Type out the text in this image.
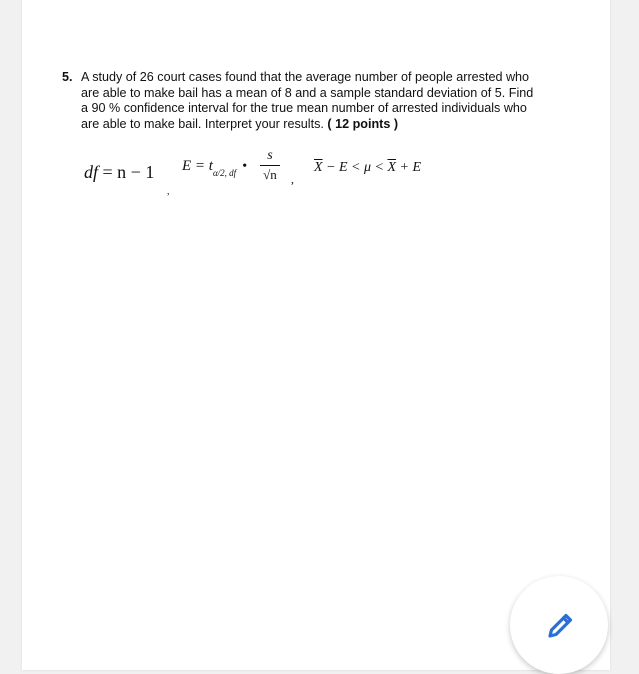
5. A study of 26 court cases found that the average number of people arrested who are able to make bail has a mean of 8 and a sample standard deviation of 5. Find a 90 % confidence interval for the true mean number of arrested individuals who are able to make bail. Interpret your results. ( 12 points )
df = n − 1
,
$E = t_{\alpha/2, df}$ •
s
√n ,
$\overline{X} - E < \mu < \overline{X} + E$
